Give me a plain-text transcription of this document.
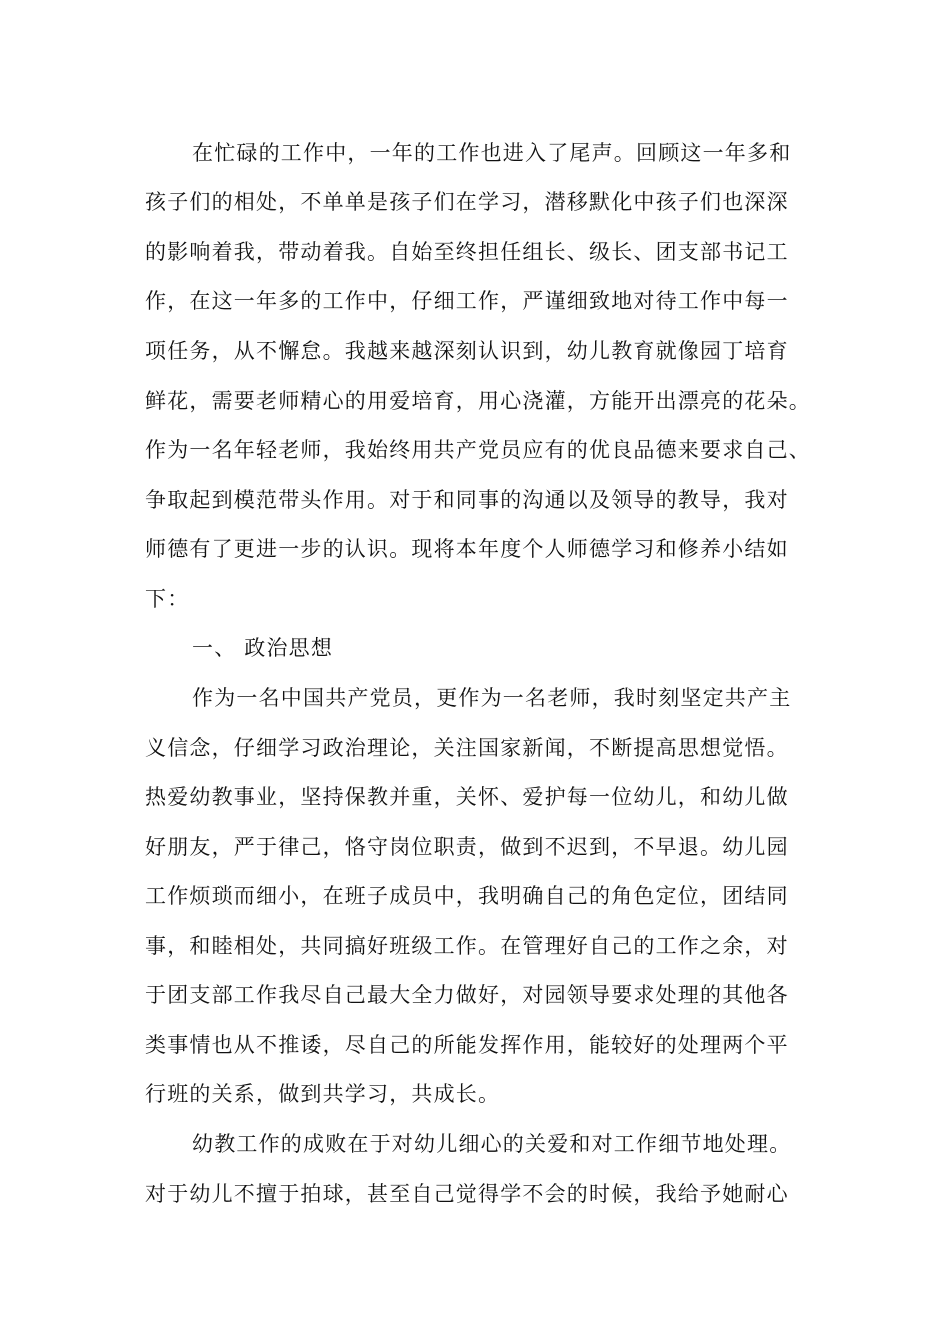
在忙碌的工作中，一年的工作也进入了尾声。回顾这一年多和
孩子们的相处，不单单是孩子们在学习，潜移默化中孩子们也深深
的影响着我，带动着我。自始至终担任组长、级长、团支部书记工
作，在这一年多的工作中，仔细工作，严谨细致地对待工作中每一
项任务，从不懈怠。我越来越深刻认识到，幼儿教育就像园丁培育
鲜花，需要老师精心的用爱培育，用心浇灌，方能开出漂亮的花朵。
作为一名年轻老师，我始终用共产党员应有的优良品德来要求自己、
争取起到模范带头作用。对于和同事的沟通以及领导的教导，我对
师德有了更进一步的认识。现将本年度个人师德学习和修养小结如
下：
一、 政治思想
作为一名中国共产党员，更作为一名老师，我时刻坚定共产主
义信念，仔细学习政治理论，关注国家新闻，不断提高思想觉悟。
热爱幼教事业，坚持保教并重，关怀、爱护每一位幼儿，和幼儿做
好朋友，严于律己，恪守岗位职责，做到不迟到，不早退。幼儿园
工作烦琐而细小，在班子成员中，我明确自己的角色定位，团结同
事，和睦相处，共同搞好班级工作。在管理好自己的工作之余，对
于团支部工作我尽自己最大全力做好，对园领导要求处理的其他各
类事情也从不推诿，尽自己的所能发挥作用，能较好的处理两个平
行班的关系，做到共学习，共成长。
幼教工作的成败在于对幼儿细心的关爱和对工作细节地处理。
对于幼儿不擅于拍球，甚至自己觉得学不会的时候，我给予她耐心
